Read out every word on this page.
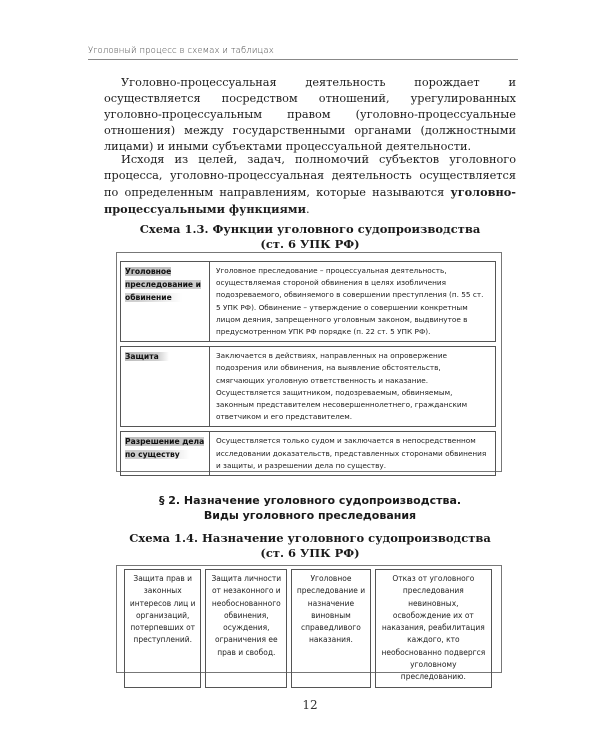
Уголовный процесс в схемах и таблицах

Уголовно-процессуальная деятельность порождает и осуществляется посредством отношений, урегулированных уголовно-процессуальным правом (уголовно-процессуальные отношения) между государственными органами (должностными лицами) и иными субъектами процессуальной деятельности.

Исходя из целей, задач, полномочий субъектов уголовного процесса, уголовно-процессуальная деятельность осуществляется по определенным направлениям, которые называются уголовно-процессуальными функциями.

Схема 1.3. Функции уголовного судопроизводства
(ст. 6 УПК РФ)
Уголовное преследование и обвинение	Уголовное преследование – процессуальная деятельность, осуществляемая стороной обвинения в целях изобличения подозреваемого, обвиняемого в совершении преступления (п. 55 ст. 5 УПК РФ). Обвинение – утверждение о совершении конкретным лицом деяния, запрещенного уголовным законом, выдвинутое в предусмотренном УПК РФ порядке (п. 22 ст. 5 УПК РФ).
Защита	Заключается в действиях, направленных на опровержение подозрения или обвинения, на выявление обстоятельств, смягчающих уголовную ответственность и наказание. Осуществляется защитником, подозреваемым, обвиняемым, законным представителем несовершеннолетнего, гражданским ответчиком и его представителем.
Разрешение дела по существу	Осуществляется только судом и заключается в непосредственном исследовании доказательств, представленных сторонами обвинения и защиты, и разрешении дела по существу.
§ 2. Назначение уголовного судопроизводства.
Виды уголовного преследования
Схема 1.4. Назначение уголовного судопроизводства
(ст. 6 УПК РФ)
Защита прав и законных интересов лиц и организаций, потерпевших от преступлений.	Защита личности от незаконного и необоснованного обвинения, осуждения, ограничения ее прав и свобод.	Уголовное преследование и назначение виновным справедливого наказания.	Отказ от уголовного преследования невиновных, освобождение их от наказания, реабилитация каждого, кто необоснованно подвергся уголовному преследованию.
12
